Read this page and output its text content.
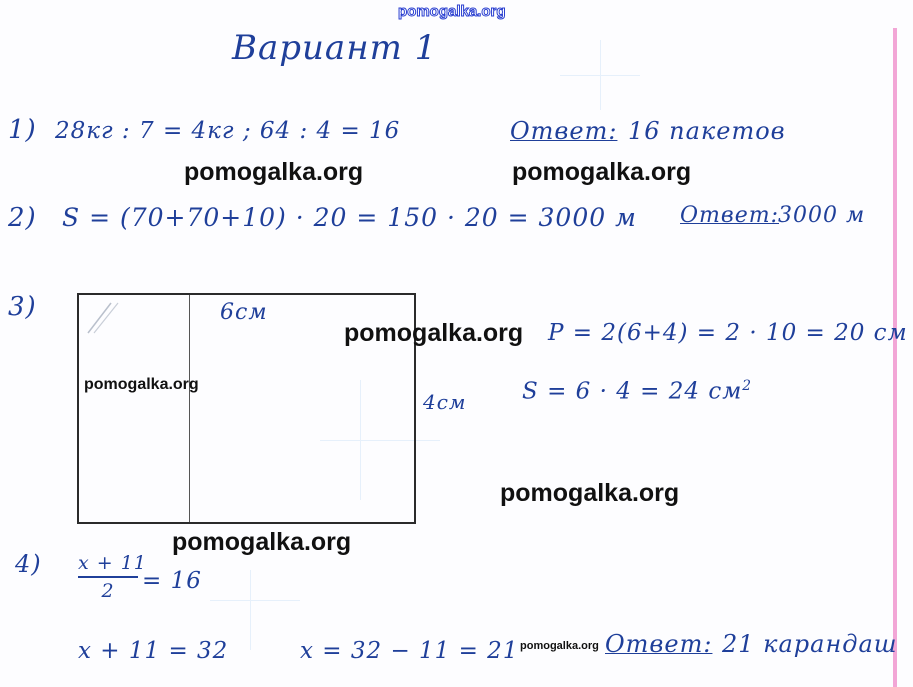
pomogalka.org
Вариант 1
1) 28кг : 7 = 4кг ; 64 : 4 = 16	Ответ: 16 пакетов
2) S = (70+70+10) · 20 = 150 · 20 = 3000 м Ответ: 3000 м
3)	6см
4см
P = 2(6+4) = 2 · 10 = 20 см
S = 6 · 4 = 24 $см^2$
4) x + 11
2	= 16
x + 11 = 32	x = 32 − 11 = 21	Ответ: 21 карандаш
pomogalka.org	pomogalka.org
pomogalka.org
pomogalka.org
pomogalka.org
pomogalka.org
pomogalka.org
